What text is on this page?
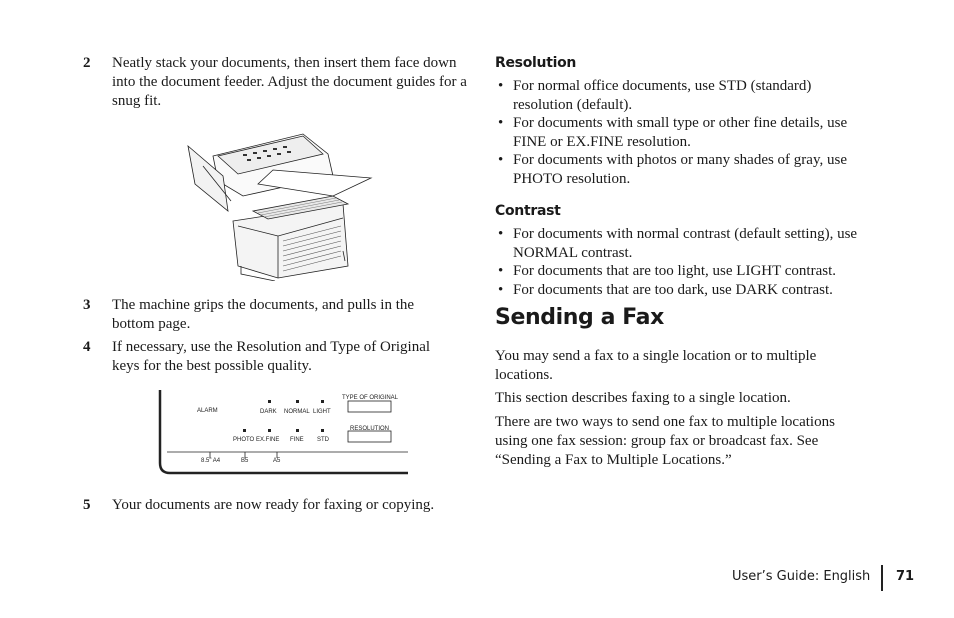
2 Neatly stack your documents, then insert them face down into the document feeder. Adjust the document guides for a snug fit.
3 The machine grips the documents, and pulls in the bottom page.
4 If necessary, use the Resolution and Type of Original keys for the best possible quality.
ALARM	DARK NORMAL LIGHT
TYPE OF ORIGINAL
PHOTO EX.FINE FINE STD
RESOLUTION
8.5" A4	B5	A5
5 Your documents are now ready for faxing or copying.
Resolution
• For normal office documents, use STD (standard) resolution (default).
• For documents with small type or other fine details, use FINE or EX.FINE resolution.
• For documents with photos or many shades of gray, use PHOTO resolution.
Contrast
• For documents with normal contrast (default setting), use NORMAL contrast.
• For documents that are too light, use LIGHT contrast.
• For documents that are too dark, use DARK contrast.
Sending a Fax

You may send a fax to a single location or to multiple locations.

This section describes faxing to a single location.

There are two ways to send one fax to multiple locations using one fax session: group fax or broadcast fax. See “Sending a Fax to Multiple Locations.”

User’s Guide: English 71
